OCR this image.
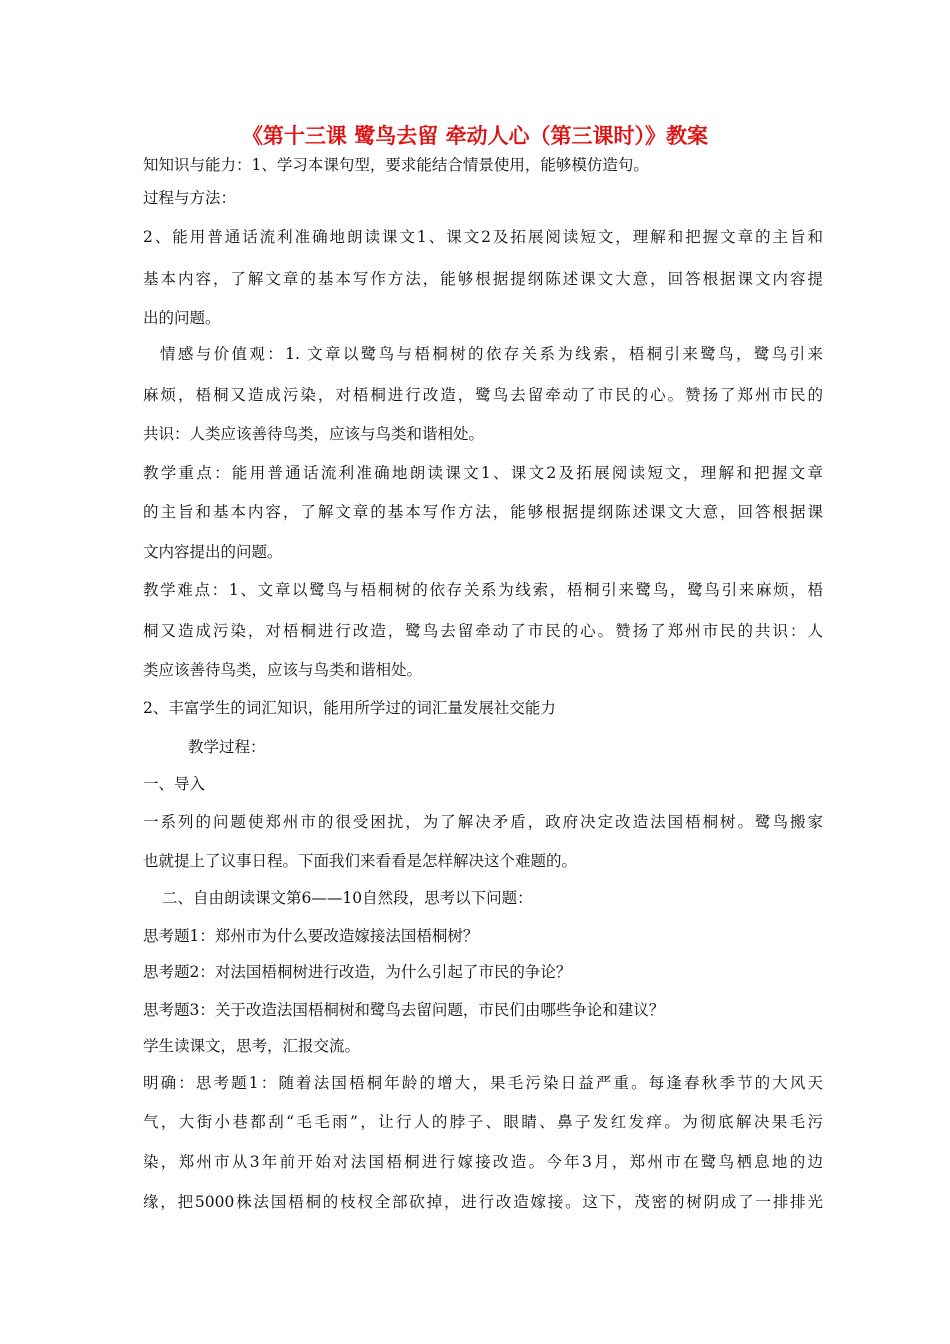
《第十三课 鹭鸟去留 牵动人心（第三课时）》教案
知知识与能力：1、学习本课句型，要求能结合情景使用，能够模仿造句。
过程与方法：
2、能用普通话流利准确地朗读课文1、课文2及拓展阅读短文，理解和把握文章的主旨和
基本内容，了解文章的基本写作方法，能够根据提纲陈述课文大意，回答根据课文内容提
出的问题。
情感与价值观：1. 文章以鹭鸟与梧桐树的依存关系为线索，梧桐引来鹭鸟，鹭鸟引来
麻烦，梧桐又造成污染，对梧桐进行改造，鹭鸟去留牵动了市民的心。赞扬了郑州市民的
共识：人类应该善待鸟类，应该与鸟类和谐相处。
教学重点：能用普通话流利准确地朗读课文1、课文2及拓展阅读短文，理解和把握文章
的主旨和基本内容，了解文章的基本写作方法，能够根据提纲陈述课文大意，回答根据课
文内容提出的问题。
教学难点：1、文章以鹭鸟与梧桐树的依存关系为线索，梧桐引来鹭鸟，鹭鸟引来麻烦，梧
桐又造成污染，对梧桐进行改造，鹭鸟去留牵动了市民的心。赞扬了郑州市民的共识：人
类应该善待鸟类，应该与鸟类和谐相处。
2、丰富学生的词汇知识，能用所学过的词汇量发展社交能力
教学过程：
一、导入
一系列的问题使郑州市的很受困扰，为了解决矛盾，政府决定改造法国梧桐树。鹭鸟搬家
也就提上了议事日程。下面我们来看看是怎样解决这个难题的。
二、自由朗读课文第6——10自然段，思考以下问题：
思考题1：郑州市为什么要改造嫁接法国梧桐树？
思考题2：对法国梧桐树进行改造，为什么引起了市民的争论？
思考题3：关于改造法国梧桐树和鹭鸟去留问题，市民们由哪些争论和建议？
学生读课文，思考，汇报交流。
明确：思考题1：随着法国梧桐年龄的增大，果毛污染日益严重。每逢春秋季节的大风天
气，大街小巷都刮“毛毛雨”，让行人的脖子、眼睛、鼻子发红发痒。为彻底解决果毛污
染，郑州市从3年前开始对法国梧桐进行嫁接改造。今年3月，郑州市在鹭鸟栖息地的边
缘，把5000株法国梧桐的枝杈全部砍掉，进行改造嫁接。这下，茂密的树阴成了一排排光
